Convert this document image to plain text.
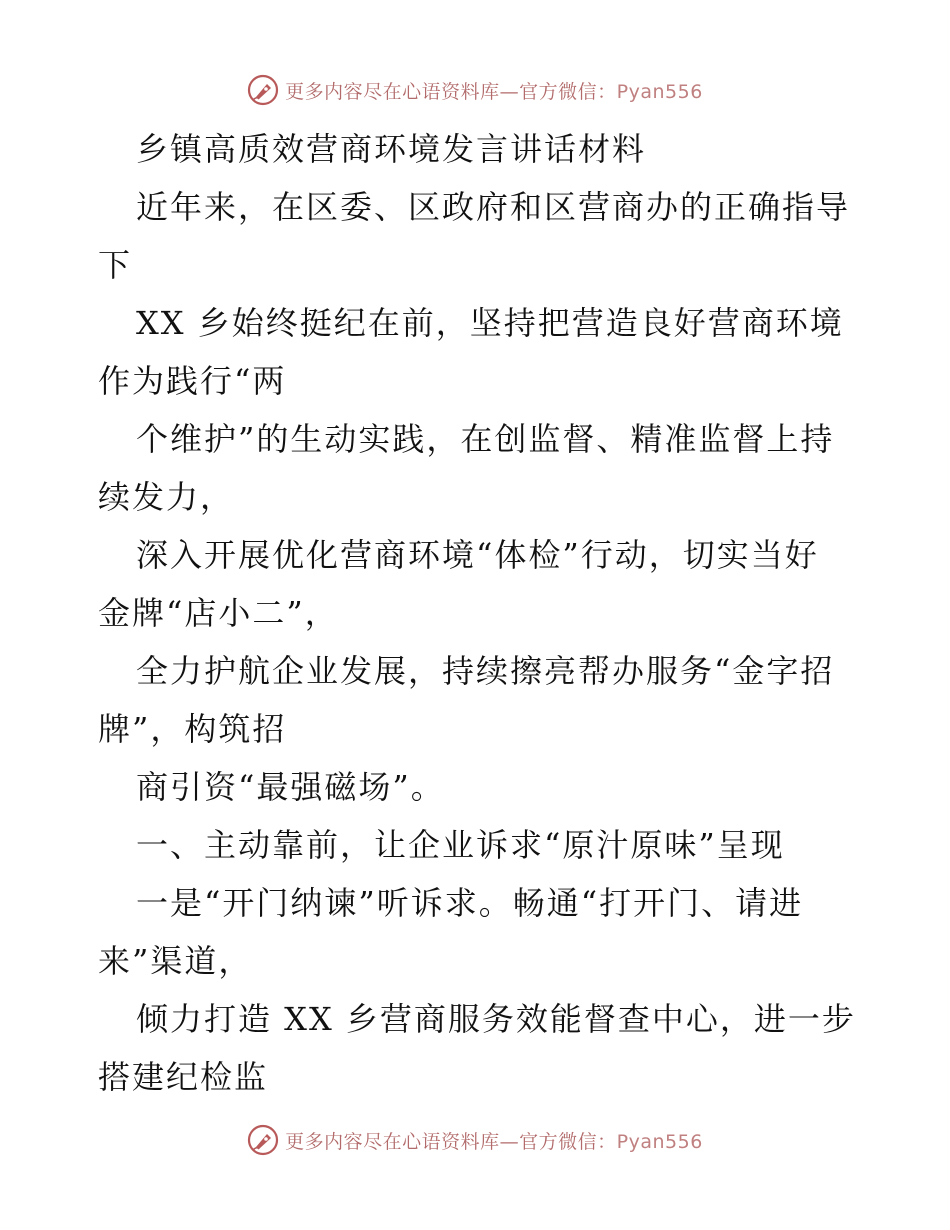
更多内容尽在心语资料库—官方微信：Pyan556
乡镇高质效营商环境发言讲话材料
近年来，在区委、区政府和区营商办的正确指导
下
XX 乡始终挺纪在前，坚持把营造良好营商环境
作为践行“两
个维护”的生动实践，在创监督、精准监督上持
续发力，
深入开展优化营商环境“体检”行动，切实当好
金牌“店小二”，
全力护航企业发展，持续擦亮帮办服务“金字招
牌”，构筑招
商引资“最强磁场”。
一、主动靠前，让企业诉求“原汁原味”呈现
一是“开门纳谏”听诉求。畅通“打开门、请进
来”渠道，
倾力打造 XX 乡营商服务效能督查中心，进一步
搭建纪检监
更多内容尽在心语资料库—官方微信：Pyan556
